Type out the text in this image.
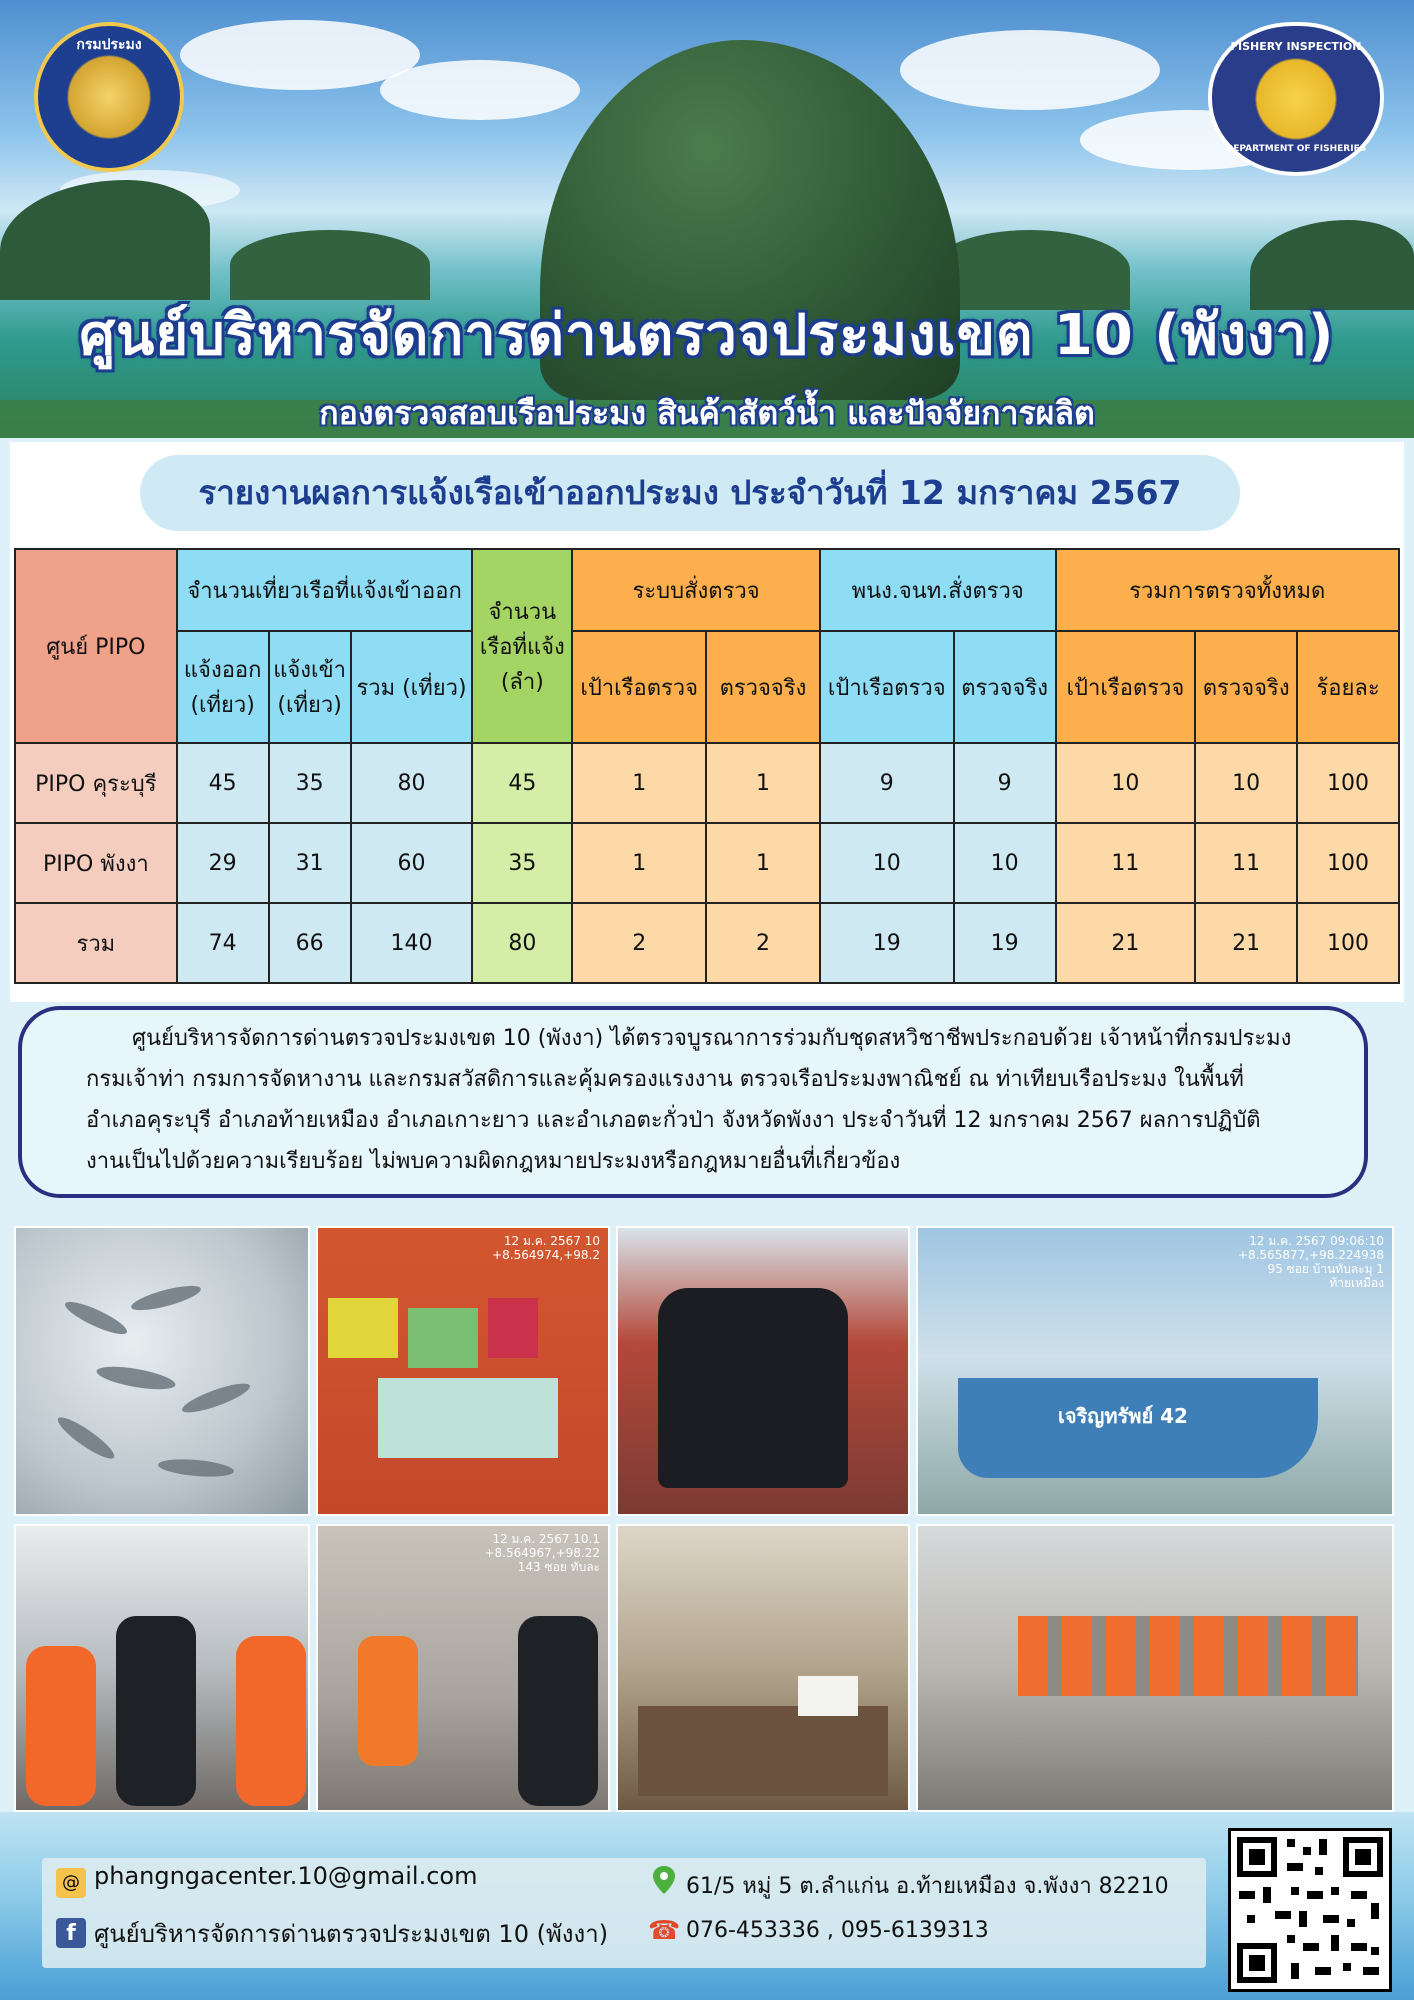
กรมประมง	FISHERY INSPECTION
DEPARTMENT OF FISHERIES
ศูนย์บริหารจัดการด่านตรวจประมงเขต 10 (พังงา)
กองตรวจสอบเรือประมง สินค้าสัตว์น้ำ และปัจจัยการผลิต
รายงานผลการแจ้งเรือเข้าออกประมง ประจำวันที่ 12 มกราคม 2567
ศูนย์ PIPO	จำนวนเที่ยวเรือที่แจ้งเข้าออก			จำนวนเรือที่แจ้ง (ลำ)	ระบบสั่งตรวจ		พนง.จนท.สั่งตรวจ		รวมการตรวจทั้งหมด		
	แจ้งออก (เที่ยว)	แจ้งเข้า (เที่ยว)	รวม (เที่ยว)		เป้าเรือตรวจ	ตรวจจริง	เป้าเรือตรวจ	ตรวจจริง	เป้าเรือตรวจ	ตรวจจริง	ร้อยละ
PIPO คุระบุรี	45	35	80	45	1	1	9	9	10	10	100
PIPO พังงา	29	31	60	35	1	1	10	10	11	11	100
รวม	74	66	140	80	2	2	19	19	21	21	100
ศูนย์บริหารจัดการด่านตรวจประมงเขต 10 (พังงา) ได้ตรวจบูรณาการร่วมกับชุดสหวิชาชีพประกอบด้วย เจ้าหน้าที่กรมประมง
กรมเจ้าท่า กรมการจัดหางาน และกรมสวัสดิการและคุ้มครองแรงงาน ตรวจเรือประมงพาณิชย์ ณ ท่าเทียบเรือประมง ในพื้นที่
อำเภอคุระบุรี อำเภอท้ายเหมือง อำเภอเกาะยาว และอำเภอตะกั่วป่า จังหวัดพังงา ประจำวันที่ 12 มกราคม 2567 ผลการปฏิบัติ
งานเป็นไปด้วยความเรียบร้อย ไม่พบความผิดกฎหมายประมงหรือกฎหมายอื่นที่เกี่ยวข้อง
12 ม.ค. 2567 10
+8.564974,+98.2
12 ม.ค. 2567 09:06:10
+8.565877,+98.224938
95 ซอย บ้านทับละมุ 1
ท้ายเหมือง
เจริญทรัพย์ 42
12 ม.ค. 2567 10.1
+8.564967,+98.22
143 ซอย ทับละ
@ phangngacenter.10@gmail.com
f ศูนย์บริหารจัดการด่านตรวจประมงเขต 10 (พังงา)
61/5 หมู่ 5 ต.ลำแก่น อ.ท้ายเหมือง จ.พังงา 82210
☎ 076-453336 , 095-6139313
